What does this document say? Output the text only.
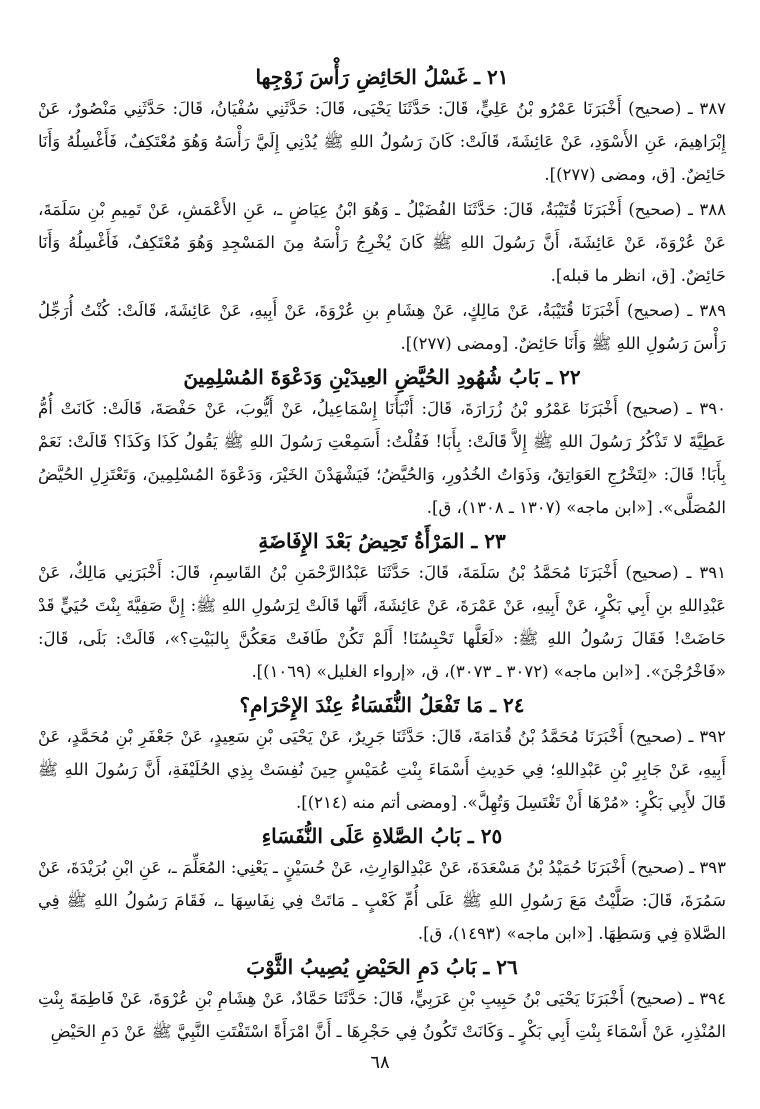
٢١ ـ غَسْلُ الحَائِضِ رَأْسَ زَوْجِها

٣٨٧ ـ (صحيح) أَخْبَرَنَا عَمْرُو بْنُ عَلِيٍّ، قَالَ: حَدَّثَنَا يَحْيَى، قَالَ: حَدَّثَنِي سُفْيَانُ، قَالَ: حَدَّثَنِي مَنْصُورٌ، عَنْ إِبْرَاهِيمَ، عَنِ الأَسْوَدِ، عَنْ عَائِشَةَ، قَالَتْ: كَانَ رَسُولُ اللهِ ﷺ يُدْنِي إِلَيَّ رَأْسَهُ وَهُوَ مُعْتَكِفٌ، فَأَغْسِلُهُ وَأَنَا حَائِضٌ. [ق، ومضى (٢٧٧)].

٣٨٨ ـ (صحيح) أَخْبَرَنَا قُتَيْبَةُ، قَالَ: حَدَّثَنَا الفُضَيْلُ ـ وَهُوَ ابْنُ عِيَاضٍ ـ، عَنِ الأَعْمَشِ، عَنْ تَمِيمِ بْنِ سَلَمَةَ، عَنْ عُرْوَةَ، عَنْ عَائِشَةَ، أَنَّ رَسُولَ اللهِ ﷺ كَانَ يُخْرِجُ رَأْسَهُ مِنَ المَسْجِدِ وَهُوَ مُعْتَكِفٌ، فَأَغْسِلُهُ وَأَنَا حَائِضٌ. [ق، انظر ما قبله].

٣٨٩ ـ (صحيح) أَخْبَرَنَا قُتَيْبَةُ، عَنْ مَالِكٍ، عَنْ هِشَامِ بنِ عُرْوَةَ، عَنْ أَبِيهِ، عَنْ عَائِشَةَ، قَالَتْ: كُنْتُ أُرَجِّلُ رَأْسَ رَسُولِ اللهِ ﷺ وَأَنَا حَائِضٌ. [ومضى (٢٧٧)].

٢٢ ـ بَابُ شُهُودِ الحُيَّضِ العِيدَيْنِ وَدَعْوَةَ المُسْلِمِينَ

٣٩٠ ـ (صحيح) أَخْبَرَنَا عَمْرُو بْنُ زُرَارَةَ، قَالَ: أَنْبَأَنَا إِسْمَاعِيلُ، عَنْ أَيُّوبَ، عَنْ حَفْصَةَ، قَالَتْ: كَانَتْ أُمُّ عَطِيَّةَ لا تَذْكُرُ رَسُولَ اللهِ ﷺ إِلاَّ قَالَتْ: بِأَبَا! فَقُلْتُ: أَسَمِعْتِ رَسُولَ اللهِ ﷺ يَقُولُ كَذَا وَكَذَا؟ قَالَتْ: نَعَمْ بِأَبَا! قَالَ: «لِتَخْرُجِ العَوَاتِقُ، وَذَوَاتُ الخُدُورِ، وَالحُيَّضُ؛ فَيَشْهَدْنَ الخَيْرَ، وَدَعْوَةَ المُسْلِمِينَ، وَتَعْتَزِلِ الحُيَّضُ المُصَلَّى». [«ابن ماجه» (١٣٠٧ ـ ١٣٠٨)، ق].

٢٣ ـ المَرْأَةُ تَحِيضُ بَعْدَ الإِفَاضَةِ

٣٩١ ـ (صحيح) أَخْبَرَنَا مُحَمَّدُ بْنُ سَلَمَةَ، قَالَ: حَدَّثَنَا عَبْدُالرَّحْمَنِ بْنُ القَاسِمِ، قَالَ: أَخْبَرَنِي مَالِكٌ، عَنْ عَبْدِاللهِ بنِ أَبِي بَكْرٍ، عَنْ أَبِيهِ، عَنْ عَمْرَةَ، عَنْ عَائِشَةَ، أَنَّها قَالَتْ لِرَسُولِ اللهِ ﷺ: إِنَّ صَفِيَّةَ بِنْتَ حُيَيٍّ قَدْ حَاضَتْ! فَقَالَ رَسُولُ اللهِ ﷺ: «لَعَلَّها تَحْبِسُنَا! أَلَمْ تَكُنْ طَافَتْ مَعَكُنَّ بِالبَيْتِ؟»، قَالَتْ: بَلَى، قَالَ: «فَاخْرُجْنَ». [«ابن ماجه» (٣٠٧٢ ـ ٣٠٧٣)، ق، «إرواء الغليل» (١٠٦٩)].

٢٤ ـ مَا تَفْعَلُ النُّفَسَاءُ عِنْدَ الإِحْرَامِ؟

٣٩٢ ـ (صحيح) أَخْبَرَنَا مُحَمَّدُ بْنُ قُدَامَةَ، قَالَ: حَدَّثَنَا جَرِيرٌ، عَنْ يَحْيَى بْنِ سَعِيدٍ، عَنْ جَعْفَرِ بْنِ مُحَمَّدٍ، عَنْ أَبِيهِ، عَنْ جَابِرِ بْنِ عَبْدِاللهِ؛ فِي حَدِيثِ أَسْمَاءَ بِنْتِ عُمَيْسٍ حِينَ نُفِسَتْ بِذِي الحُلَيْفَةِ، أَنَّ رَسُولَ اللهِ ﷺ قَالَ لأَبِي بَكْرٍ: «مُرْهَا أَنْ تَغْتَسِلَ وَتُهِلَّ». [ومضى أتم منه (٢١٤)].

٢٥ ـ بَابُ الصَّلاةِ عَلَى النُّفَسَاءِ

٣٩٣ ـ (صحيح) أَخْبَرَنَا حُمَيْدُ بْنُ مَسْعَدَةَ، عَنْ عَبْدِالوَارِثِ، عَنْ حُسَيْنٍ ـ يَعْنِي: المُعَلِّمَ ـ، عَنِ ابْنِ بُرَيْدَةَ، عَنْ سَمُرَةَ، قَالَ: صَلَّيْتُ مَعَ رَسُولِ اللهِ ﷺ عَلَى أُمِّ كَعْبٍ ـ مَاتَتْ فِي نِفَاسِهَا ـ، فَقَامَ رَسُولُ اللهِ ﷺ فِي الصَّلاةِ فِي وَسَطِهَا. [«ابن ماجه» (١٤٩٣)، ق].

٢٦ ـ بَابُ دَمِ الحَيْضِ يُصِيبُ الثَّوْبَ

٣٩٤ ـ (صحيح) أَخْبَرَنَا يَحْيَى بْنُ حَبِيبِ بْنِ عَرَبِيٍّ، قَالَ: حَدَّثَنَا حَمَّادٌ، عَنْ هِشَامِ بْنِ عُرْوَةَ، عَنْ فَاطِمَةَ بِنْتِ المُنْذِرِ، عَنْ أَسْمَاءَ بِنْتِ أَبِي بَكْرٍ ـ وَكَانَتْ تَكُونُ فِي حَجْرِهَا ـ أَنَّ امْرَأَةً اسْتَفْتَتِ النَّبِيَّ ﷺ عَنْ دَمِ الحَيْضِ

٦٨
